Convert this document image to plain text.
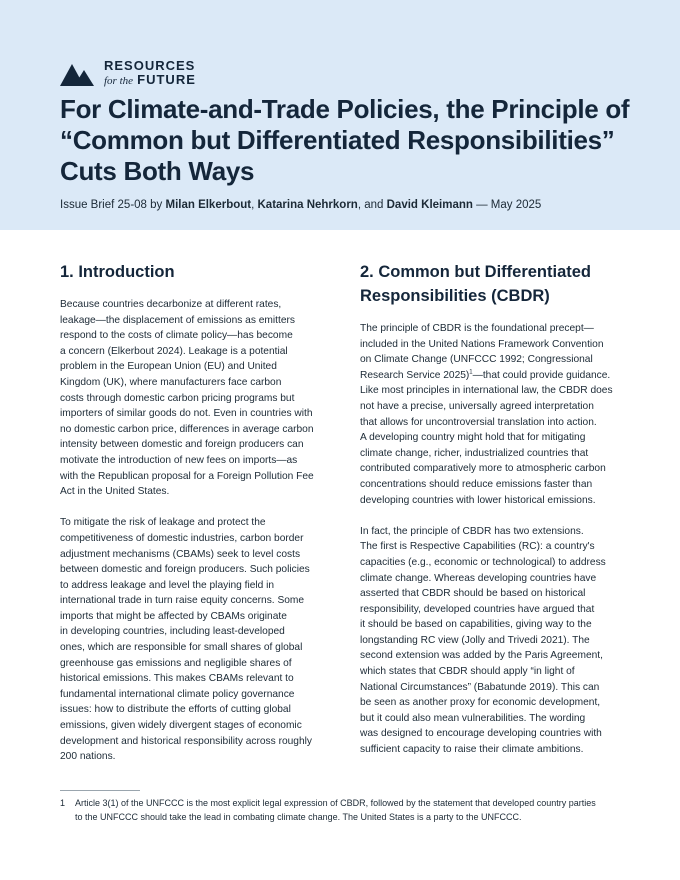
RESOURCES
for the FUTURE
For Climate-and-Trade Policies, the Principle of
“Common but Differentiated Responsibilities”
Cuts Both Ways
Issue Brief 25-08 by Milan Elkerbout, Katarina Nehrkorn, and David Kleimann — May 2025
1. Introduction
Because countries decarbonize at different rates,
leakage—the displacement of emissions as emitters
respond to the costs of climate policy—has become
a concern (Elkerbout 2024). Leakage is a potential
problem in the European Union (EU) and United
Kingdom (UK), where manufacturers face carbon
costs through domestic carbon pricing programs but
importers of similar goods do not. Even in countries with
no domestic carbon price, differences in average carbon
intensity between domestic and foreign producers can
motivate the introduction of new fees on imports—as
with the Republican proposal for a Foreign Pollution Fee
Act in the United States.
To mitigate the risk of leakage and protect the
competitiveness of domestic industries, carbon border
adjustment mechanisms (CBAMs) seek to level costs
between domestic and foreign producers. Such policies
to address leakage and level the playing field in
international trade in turn raise equity concerns. Some
imports that might be affected by CBAMs originate
in developing countries, including least-developed
ones, which are responsible for small shares of global
greenhouse gas emissions and negligible shares of
historical emissions. This makes CBAMs relevant to
fundamental international climate policy governance
issues: how to distribute the efforts of cutting global
emissions, given widely divergent stages of economic
development and historical responsibility across roughly
200 nations.
2. Common but Differentiated
Responsibilities (CBDR)
The principle of CBDR is the foundational precept—
included in the United Nations Framework Convention
on Climate Change (UNFCCC 1992; Congressional
Research Service 2025)$^1$—that could provide guidance.
Like most principles in international law, the CBDR does
not have a precise, universally agreed interpretation
that allows for uncontroversial translation into action.
A developing country might hold that for mitigating
climate change, richer, industrialized countries that
contributed comparatively more to atmospheric carbon
concentrations should reduce emissions faster than
developing countries with lower historical emissions.
In fact, the principle of CBDR has two extensions.
The first is Respective Capabilities (RC): a country's
capacities (e.g., economic or technological) to address
climate change. Whereas developing countries have
asserted that CBDR should be based on historical
responsibility, developed countries have argued that
it should be based on capabilities, giving way to the
longstanding RC view (Jolly and Trivedi 2021). The
second extension was added by the Paris Agreement,
which states that CBDR should apply “in light of
National Circumstances” (Babatunde 2019). This can
be seen as another proxy for economic development,
but it could also mean vulnerabilities. The wording
was designed to encourage developing countries with
sufficient capacity to raise their climate ambitions.
1 Article 3(1) of the UNFCCC is the most explicit legal expression of CBDR, followed by the statement that developed country parties
to the UNFCCC should take the lead in combating climate change. The United States is a party to the UNFCCC.
